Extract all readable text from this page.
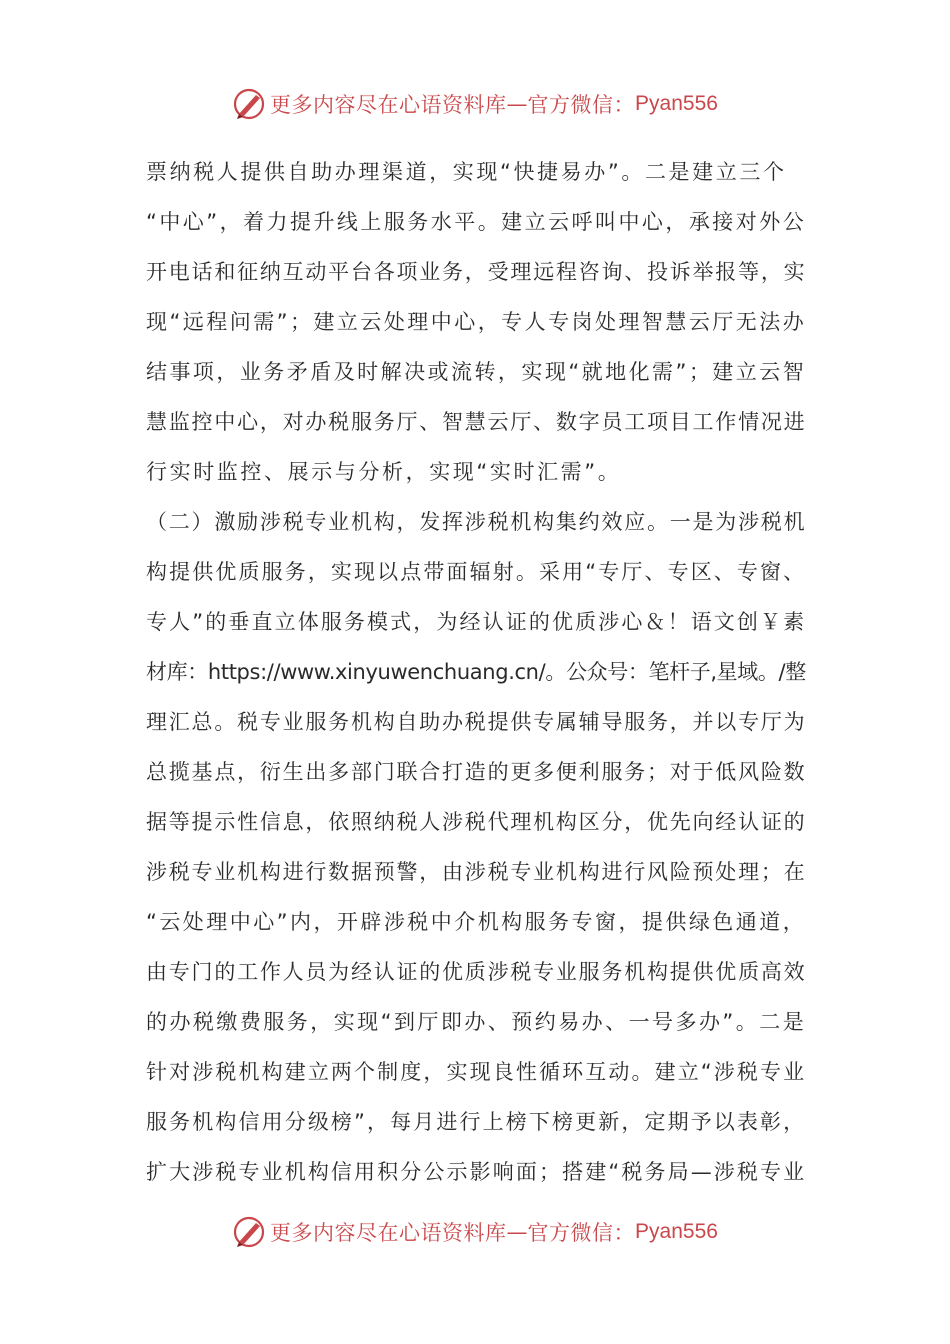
更多内容尽在心语资料库 — 官方微信： Pyan556
票纳税人提供自助办理渠道，实现“快捷易办”。二是建立三个
“中心”，着力提升线上服务水平。建立云呼叫中心，承接对外公
开电话和征纳互动平台各项业务，受理远程咨询、投诉举报等，实
现“远程问需”；建立云处理中心，专人专岗处理智慧云厅无法办
结事项，业务矛盾及时解决或流转，实现“就地化需”；建立云智
慧监控中心，对办税服务厅、智慧云厅、数字员工项目工作情况进
行实时监控、展示与分析，实现“实时汇需”。
（二）激励涉税专业机构，发挥涉税机构集约效应。一是为涉税机
构提供优质服务，实现以点带面辐射。采用“专厅、专区、专窗、
专人”的垂直立体服务模式，为经认证的优质涉心＆！语文创￥素
材库：https://www.xinyuwenchuang.cn/。公众号：笔杆子,星域。/整
理汇总。税专业服务机构自助办税提供专属辅导服务，并以专厅为
总揽基点，衍生出多部门联合打造的更多便利服务；对于低风险数
据等提示性信息，依照纳税人涉税代理机构区分，优先向经认证的
涉税专业机构进行数据预警，由涉税专业机构进行风险预处理；在
“云处理中心”内，开辟涉税中介机构服务专窗，提供绿色通道，
由专门的工作人员为经认证的优质涉税专业服务机构提供优质高效
的办税缴费服务，实现“到厅即办、预约易办、一号多办”。二是
针对涉税机构建立两个制度，实现良性循环互动。建立“涉税专业
服务机构信用分级榜”，每月进行上榜下榜更新，定期予以表彰，
扩大涉税专业机构信用积分公示影响面；搭建“税务局—涉税专业
更多内容尽在心语资料库 — 官方微信： Pyan556
